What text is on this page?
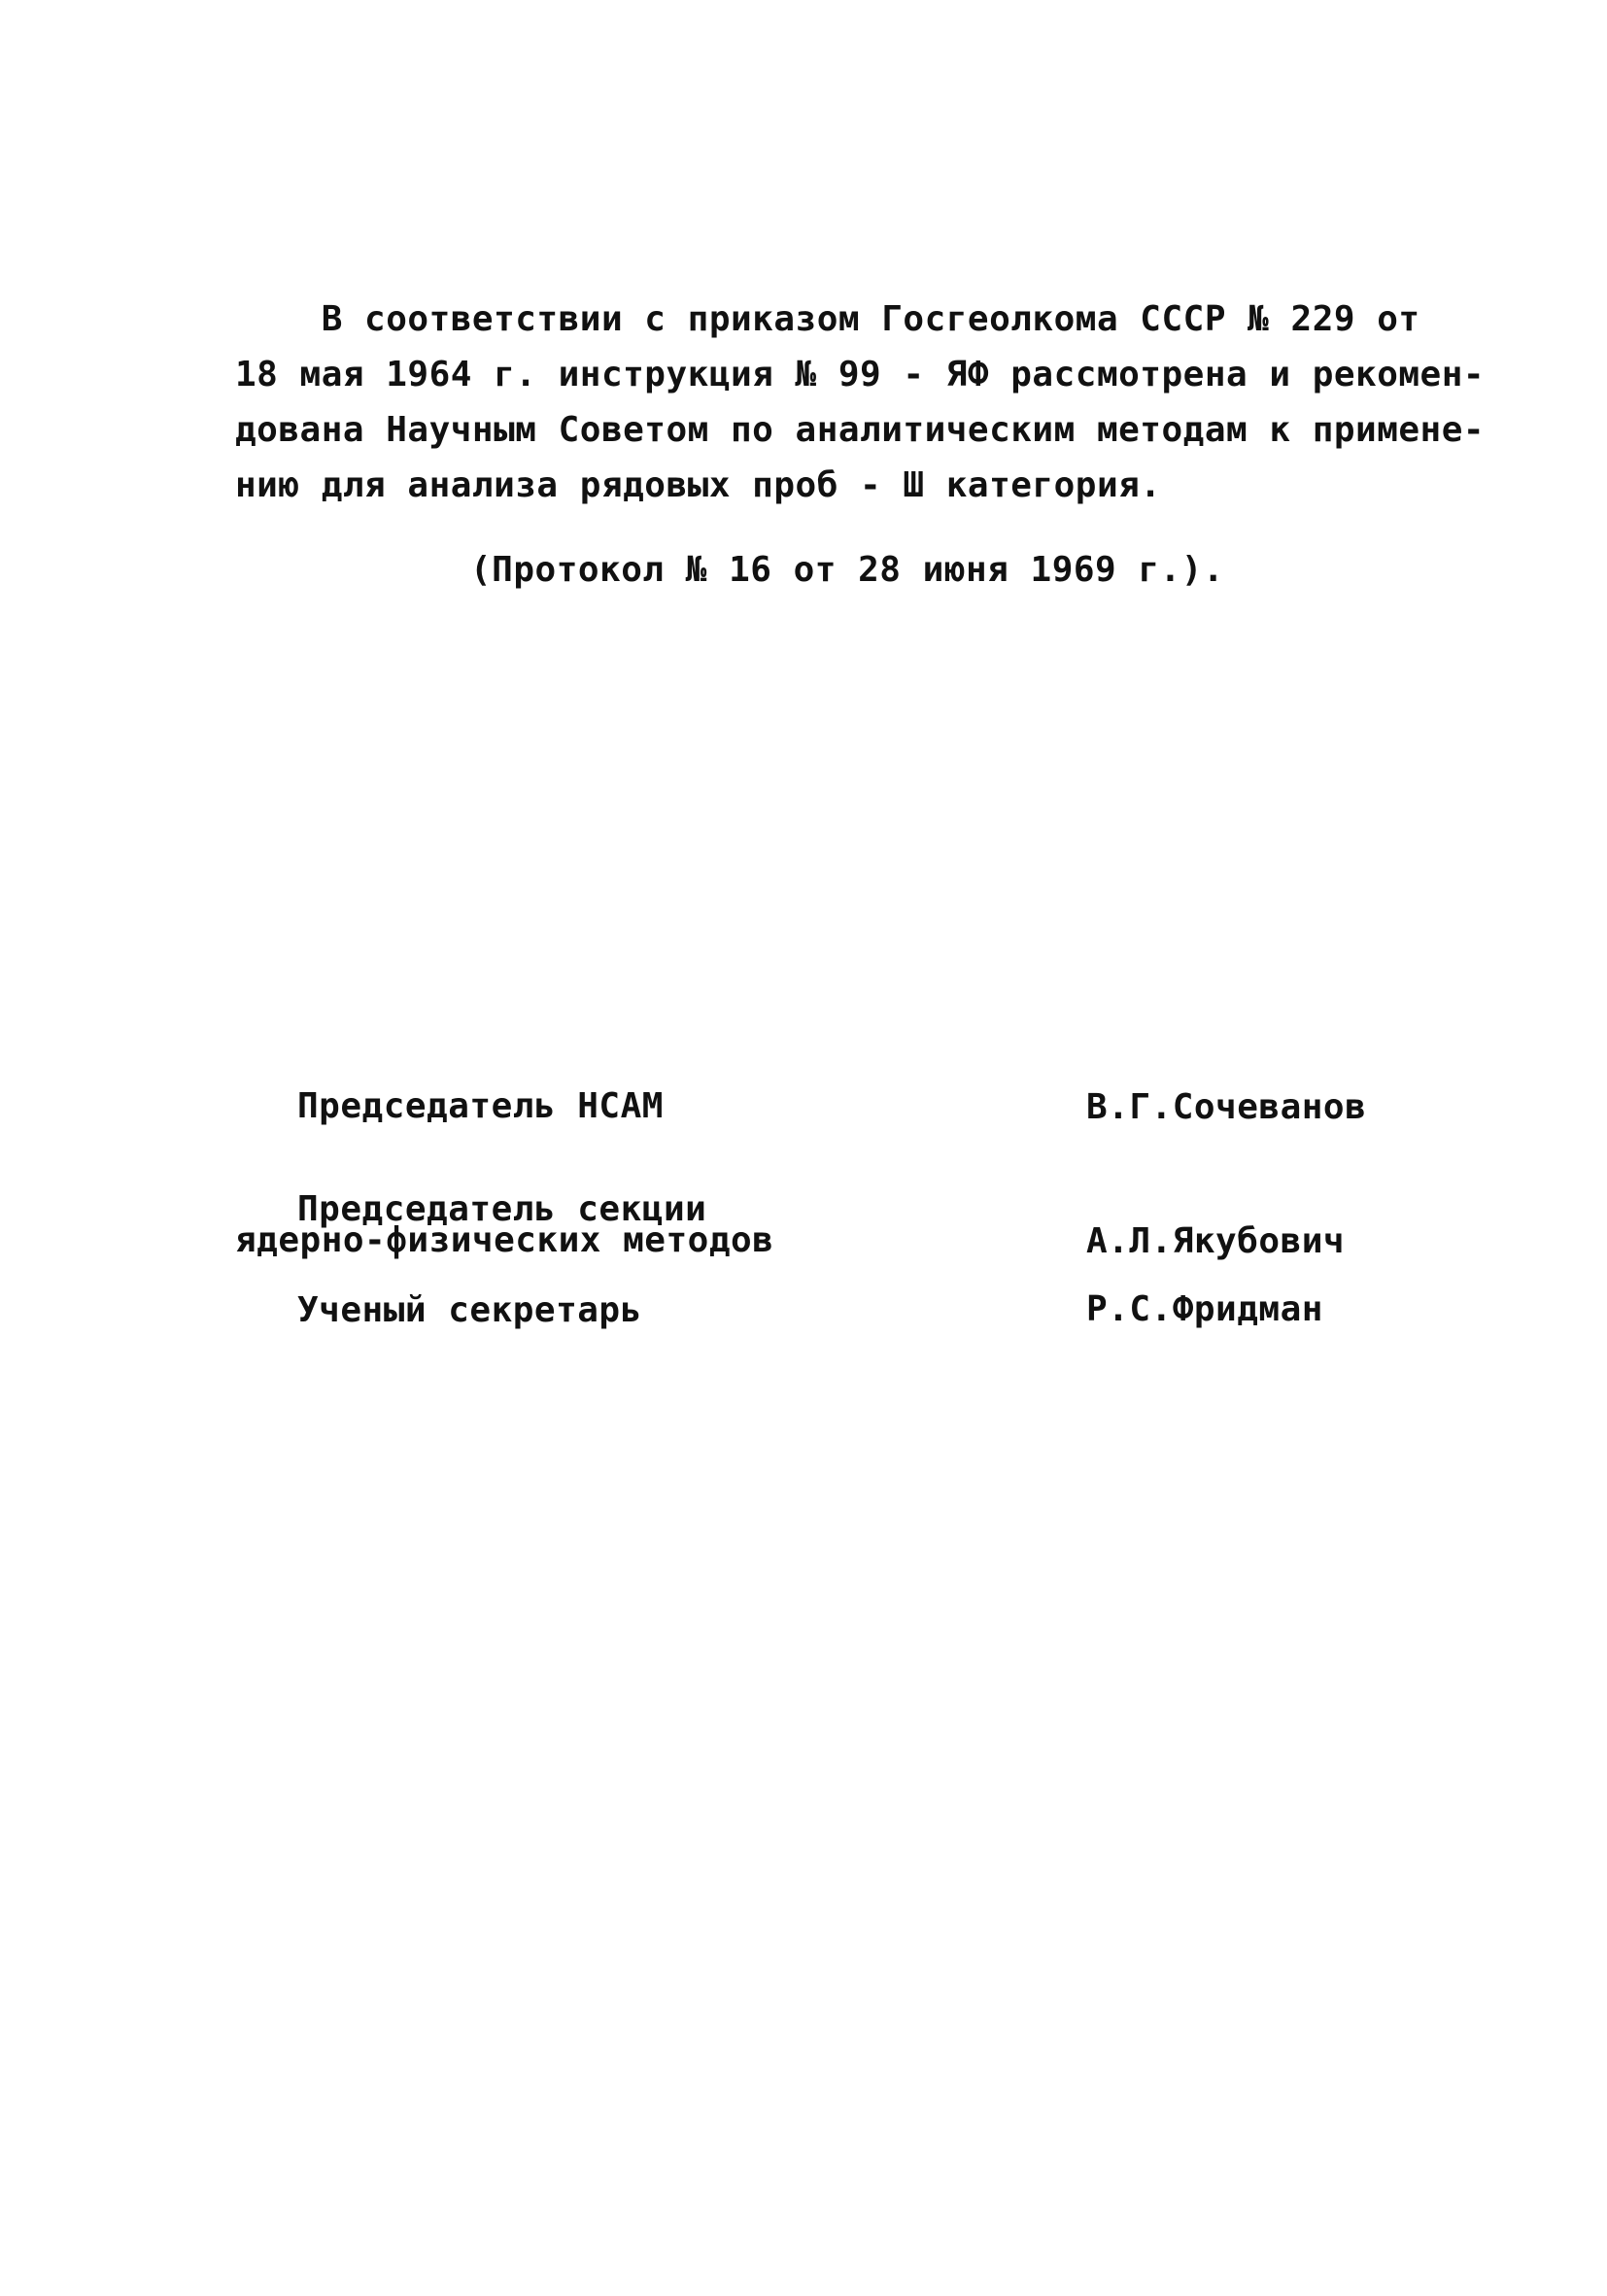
В соответствии с приказом Госгеолкома СССР № 229 от
18 мая 1964 г. инструкция № 99 - ЯФ рассмотрена и рекомен-
дована Научным Советом по аналитическим методам к примене-
нию для анализа рядовых проб - Ш категория.
(Протокол № 16 от 28 июня 1969 г.).
Председатель НСАМ	В.Г.Сочеванов
Председатель секции
ядерно-физических методов	А.Л.Якубович
Ученый секретарь	Р.С.Фридман
